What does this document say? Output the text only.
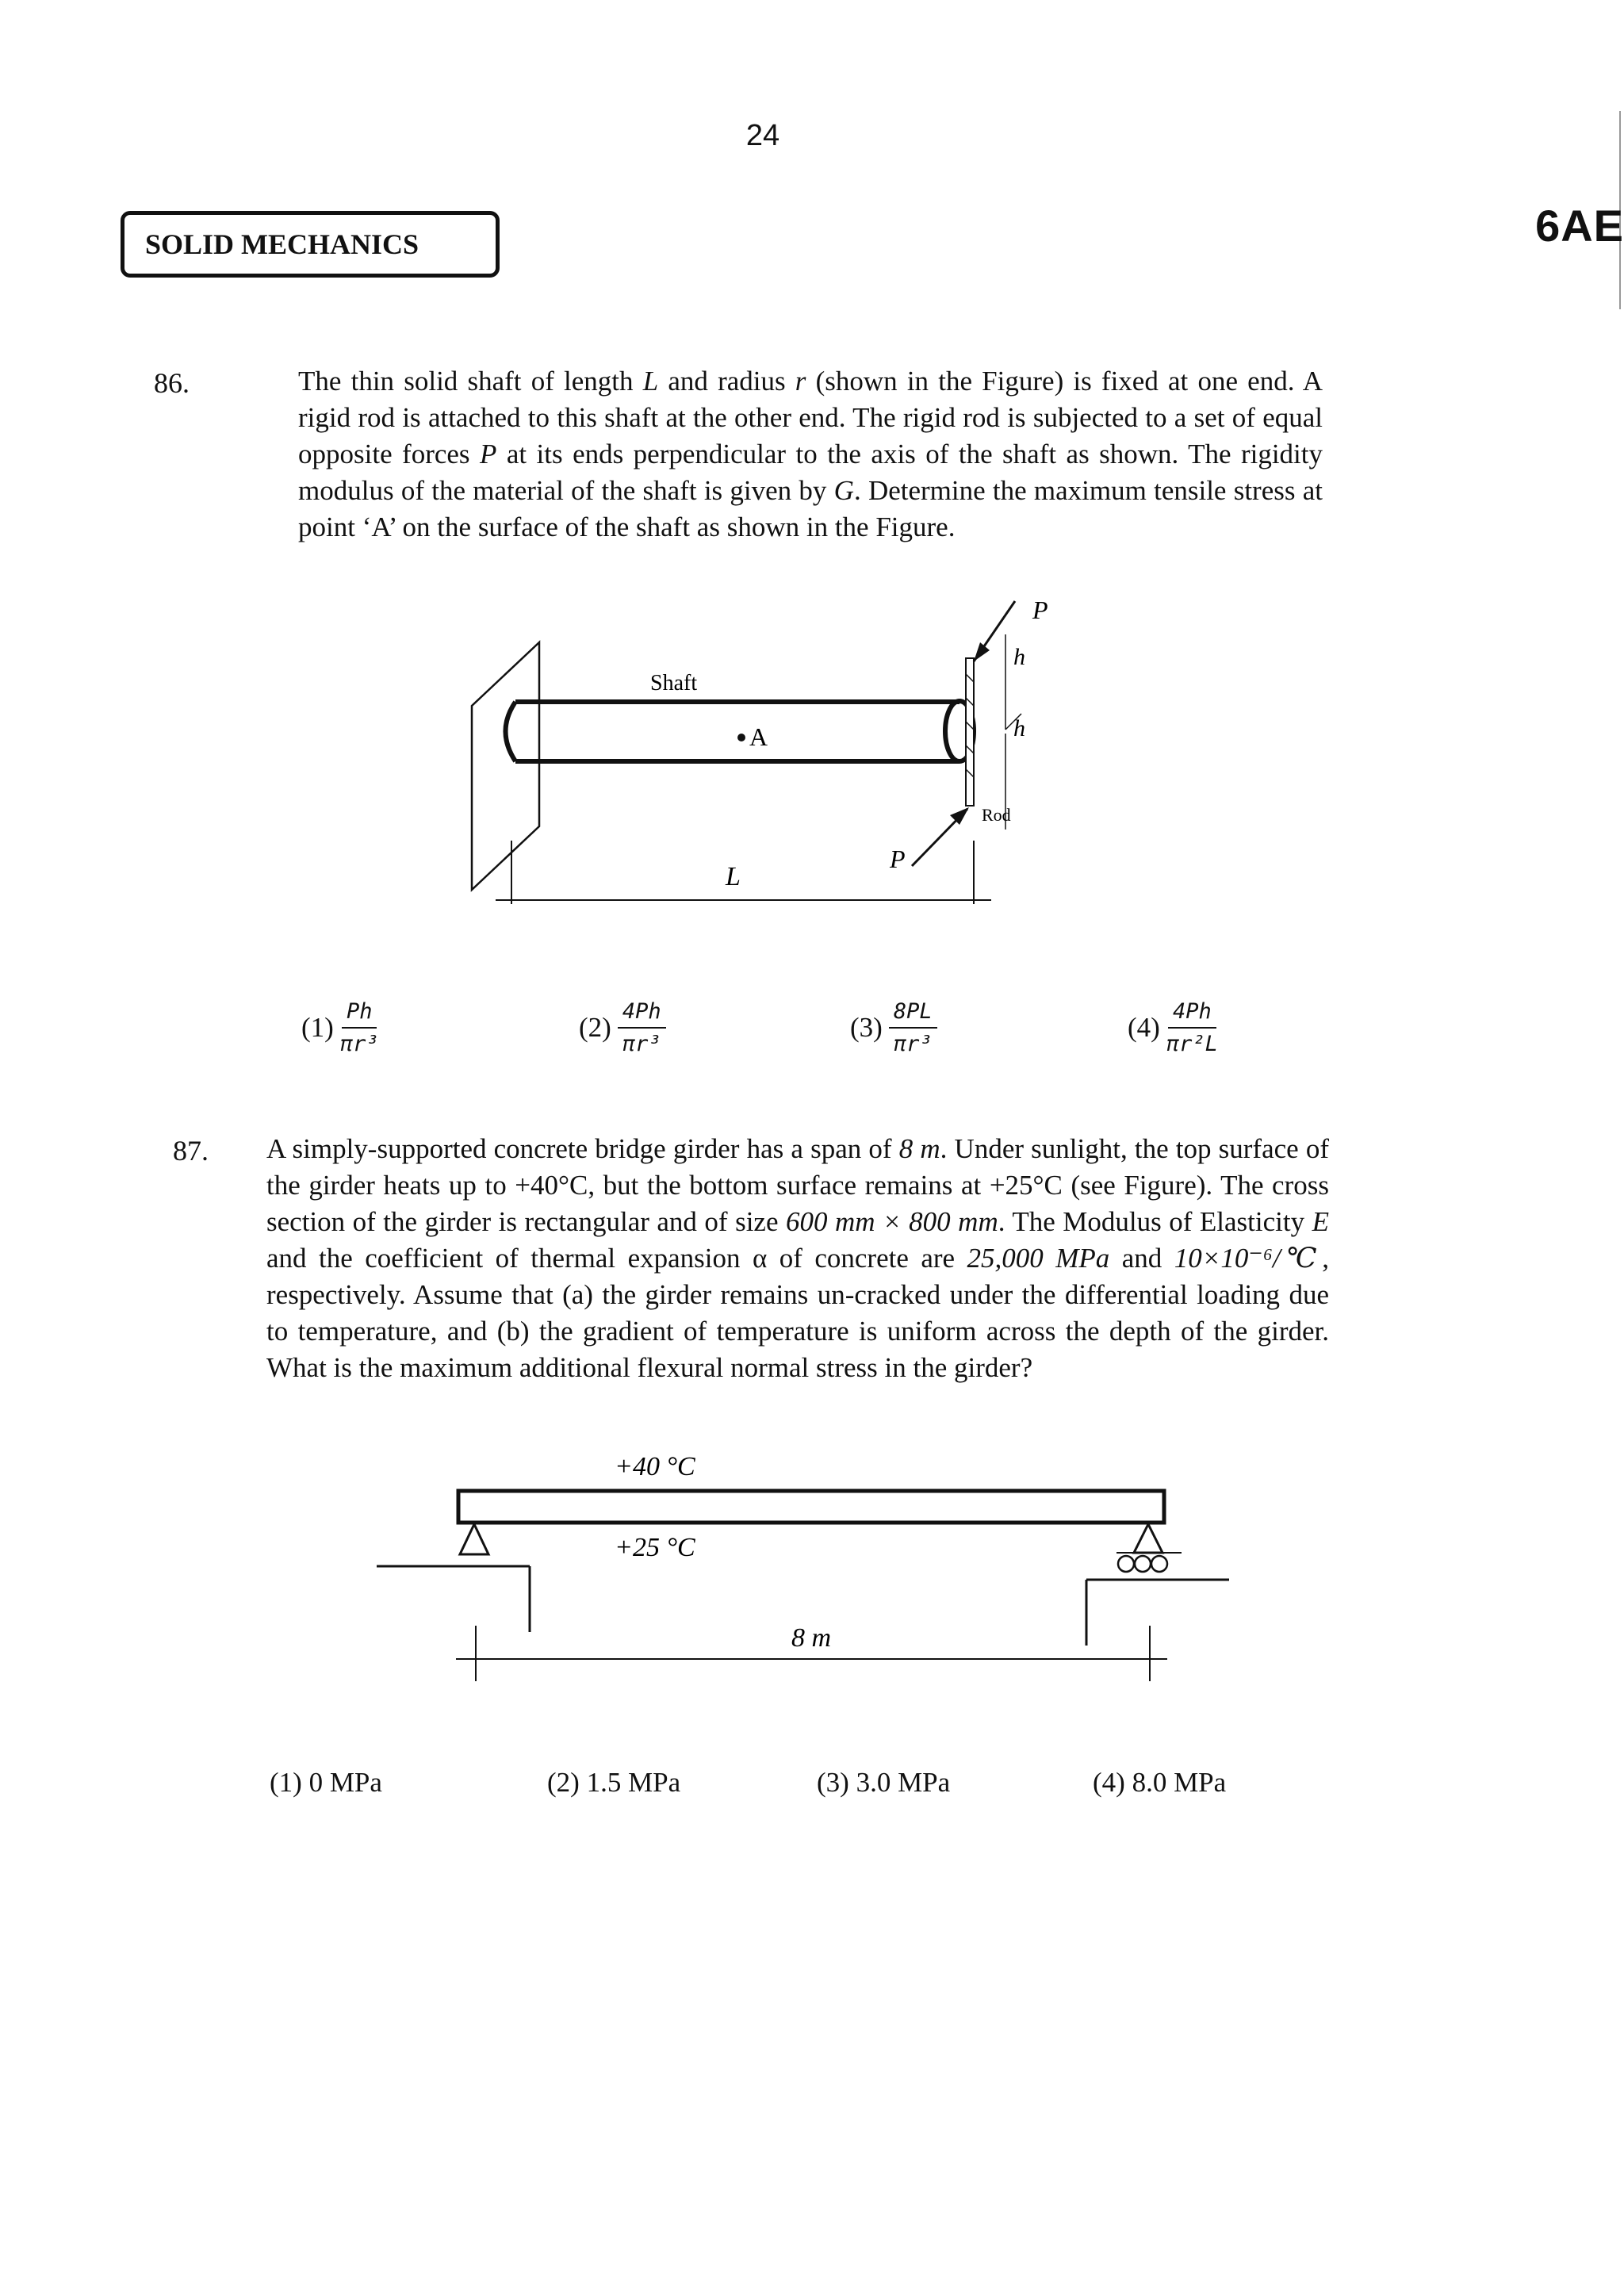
24
6AE
SOLID MECHANICS
86.	The thin solid shaft of length L and radius r (shown in the Figure) is fixed at one end. A rigid rod is attached to this shaft at the other end. The rigid rod is subjected to a set of equal opposite forces P at its ends perpendicular to the axis of the shaft as shown. The rigidity modulus of the material of the shaft is given by G. Determine the maximum tensile stress at point ‘A’ on the surface of the shaft as shown in the Figure.
Shaft
A
L
P
P
h
h
Rod
$(1) \frac{Ph}{\text{πr³}}$	$(2) \frac{4Ph}{\text{πr³}}$	$(3) \frac{8PL}{\text{πr³}}$	$(4) \frac{4Ph}{\text{πr²L}}$
87. A simply-supported concrete bridge girder has a span of 8 m. Under sunlight, the top surface of the girder heats up to +40°C, but the bottom surface remains at +25°C (see Figure). The cross section of the girder is rectangular and of size 600 mm × 800 mm. The Modulus of Elasticity E and the coefficient of thermal expansion α of concrete are 25,000 MPa and 10×10⁻⁶/℃, respectively. Assume that (a) the girder remains un-cracked under the differential loading due to temperature, and (b) the gradient of temperature is uniform across the depth of the girder. What is the maximum additional flexural normal stress in the girder?
+40 °C
+25 °C
8 m
(1)
0 MPa	(2)
1.5 MPa	(3)
3.0 MPa	(4)
8.0 MPa
